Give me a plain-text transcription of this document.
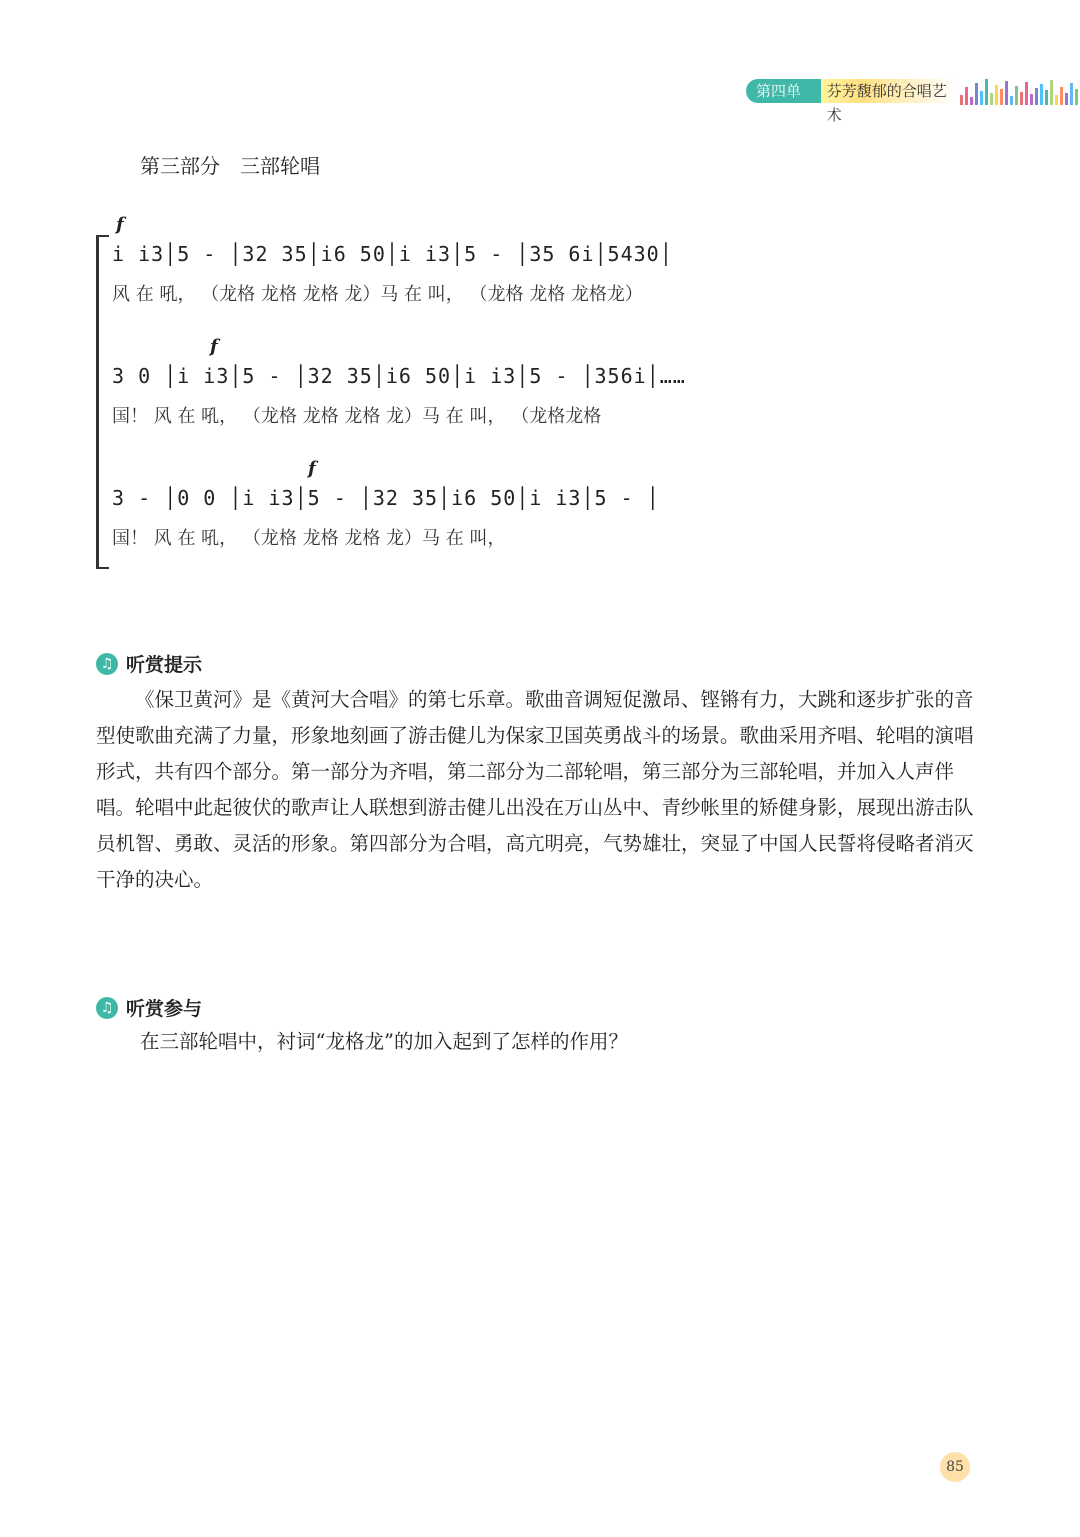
第四单元
芬芳馥郁的合唱艺术
第三部分　三部轮唱
f
i i3│5 - │32 35│i6 50│i i3│5 - │35 6i│5430│
风 在 吼， （龙格 龙格 龙格 龙）马 在 叫， （龙格 龙格 龙格龙）
f
3 0 │i i3│5 - │32 35│i6 50│i i3│5 - │356i│……
国！ 风 在 吼， （龙格 龙格 龙格 龙）马 在 叫， （龙格龙格
f
3 - │0 0 │i i3│5 - │32 35│i6 50│i i3│5 - │
国！ 风 在 吼， （龙格 龙格 龙格 龙）马 在 叫，
♫ 听赏提示
《保卫黄河》是《黄河大合唱》的第七乐章。歌曲音调短促激昂、铿锵有力，大跳和逐步扩张的音型使歌曲充满了力量，形象地刻画了游击健儿为保家卫国英勇战斗的场景。歌曲采用齐唱、轮唱的演唱形式，共有四个部分。第一部分为齐唱，第二部分为二部轮唱，第三部分为三部轮唱，并加入人声伴唱。轮唱中此起彼伏的歌声让人联想到游击健儿出没在万山丛中、青纱帐里的矫健身影，展现出游击队员机智、勇敢、灵活的形象。第四部分为合唱，高亢明亮，气势雄壮，突显了中国人民誓将侵略者消灭干净的决心。
♫ 听赏参与
在三部轮唱中，衬词“龙格龙”的加入起到了怎样的作用？
85
